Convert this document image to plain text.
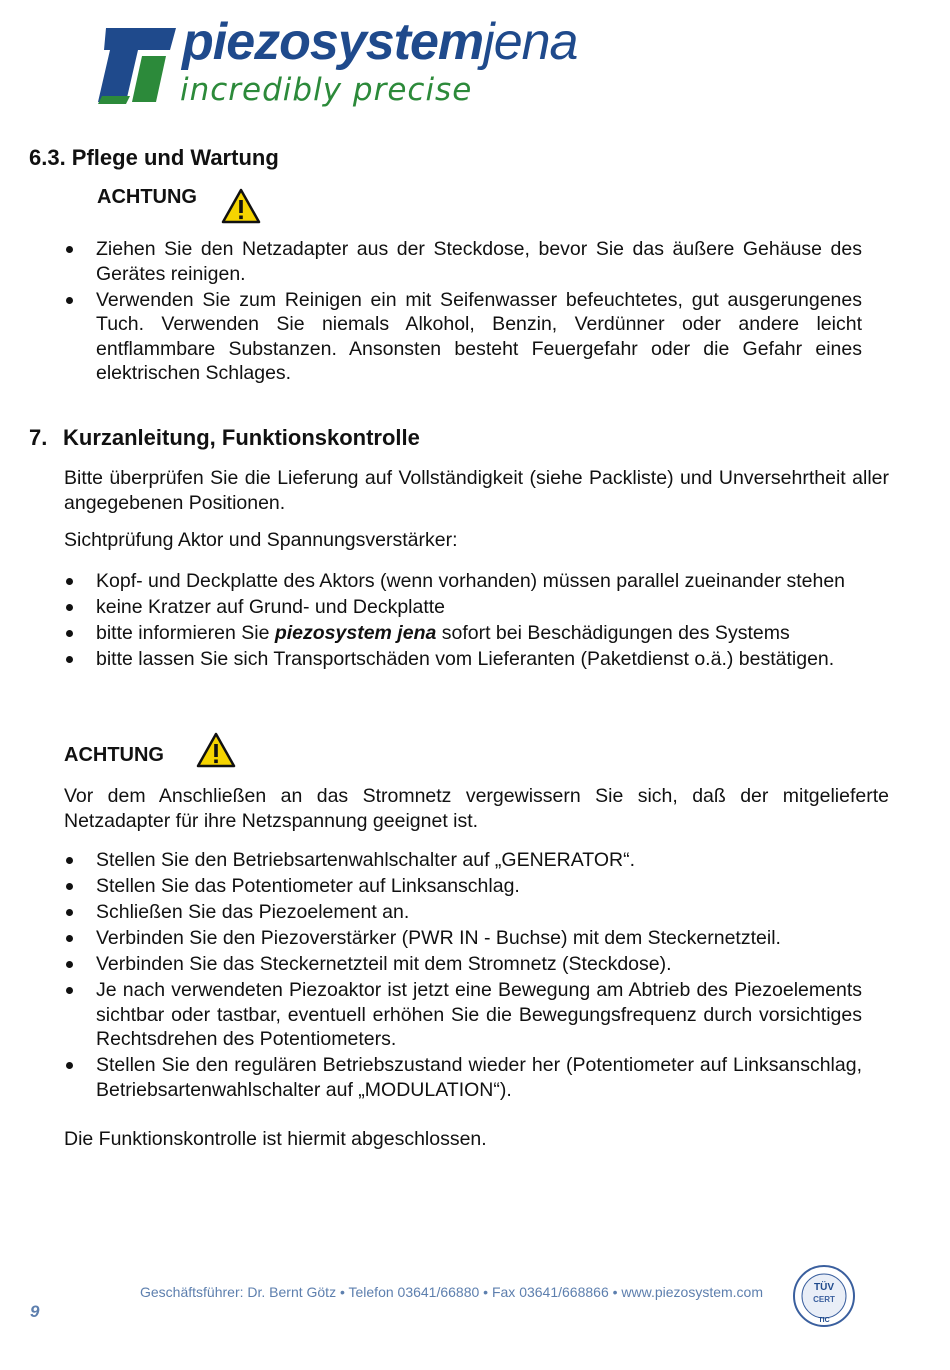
piezosystemjena
incredibly precise
6.3. Pflege und Wartung
ACHTUNG
Ziehen Sie den Netzadapter aus der Steckdose, bevor Sie das äußere Gehäuse des Gerätes reinigen.
Verwenden Sie zum Reinigen ein mit Seifenwasser befeuchtetes, gut ausgerungenes Tuch. Verwenden Sie niemals Alkohol, Benzin, Verdünner oder andere leicht entflammbare Substanzen. Ansonsten besteht Feuergefahr oder die Gefahr eines elektrischen Schlages.
7. Kurzanleitung, Funktionskontrolle

Bitte überprüfen Sie die Lieferung auf Vollständigkeit (siehe Packliste) und Unversehrtheit aller angegebenen Positionen.

Sichtprüfung Aktor und Spannungsverstärker:

Kopf- und Deckplatte des Aktors (wenn vorhanden) müssen parallel zueinander stehen
keine Kratzer auf Grund- und Deckplatte
bitte informieren Sie piezosystem jena sofort bei Beschädigungen des Systems
bitte lassen Sie sich Transportschäden vom Lieferanten (Paketdienst o.ä.) bestätigen.
ACHTUNG

Vor dem Anschließen an das Stromnetz vergewissern Sie sich, daß der mitgelieferte Netzadapter für ihre Netzspannung geeignet ist.

Stellen Sie den Betriebsartenwahlschalter auf „GENERATOR“.
Stellen Sie das Potentiometer auf Linksanschlag.
Schließen Sie das Piezoelement an.
Verbinden Sie den Piezoverstärker (PWR IN - Buchse) mit dem Steckernetzteil.
Verbinden Sie das Steckernetzteil mit dem Stromnetz (Steckdose).
Je nach verwendeten Piezoaktor ist jetzt eine Bewegung am Abtrieb des Piezoelements sichtbar oder tastbar, eventuell erhöhen Sie die Bewegungsfrequenz durch vorsichtiges Rechtsdrehen des Potentiometers.
Stellen Sie den regulären Betriebszustand wieder her (Potentiometer auf Linksanschlag, Betriebsartenwahlschalter auf „MODULATION“).

Die Funktionskontrolle ist hiermit abgeschlossen.

9
Geschäftsführer: Dr. Bernt Götz • Telefon 03641/66880 • Fax 03641/668866 • www.piezosystem.com	TÜV
CERT
TIC
